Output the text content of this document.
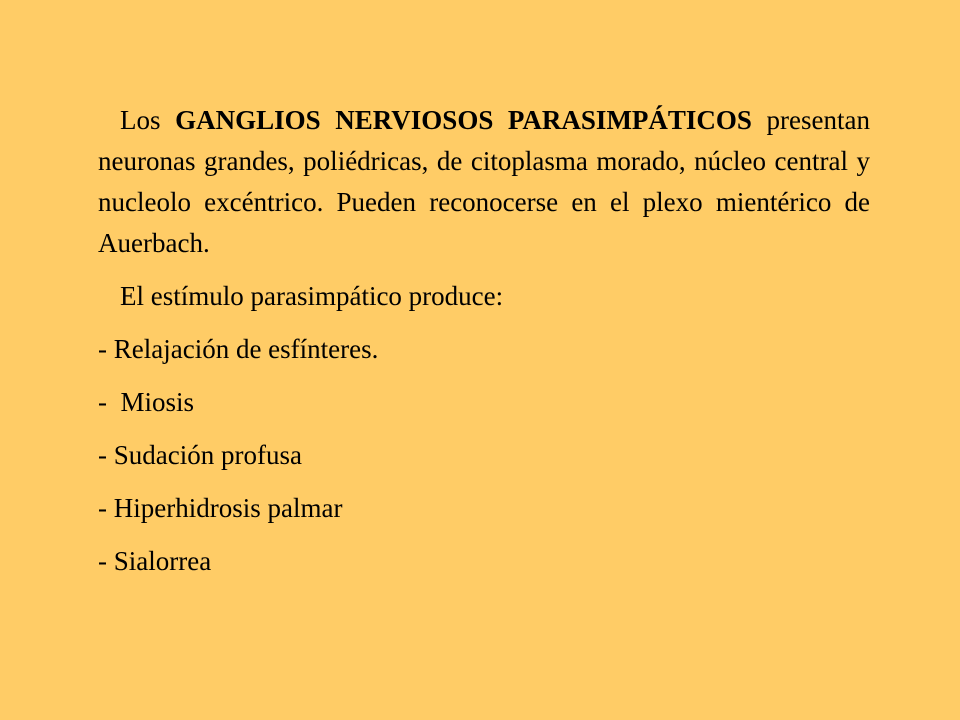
Los GANGLIOS NERVIOSOS PARASIMPÁTICOS presentan neuronas grandes, poliédricas, de citoplasma morado, núcleo central y nucleolo excéntrico. Pueden reconocerse en el plexo mientérico de Auerbach.

El estímulo parasimpático produce:

- Relajación de esfínteres.
-  Miosis
- Sudación profusa
- Hiperhidrosis palmar
- Sialorrea
